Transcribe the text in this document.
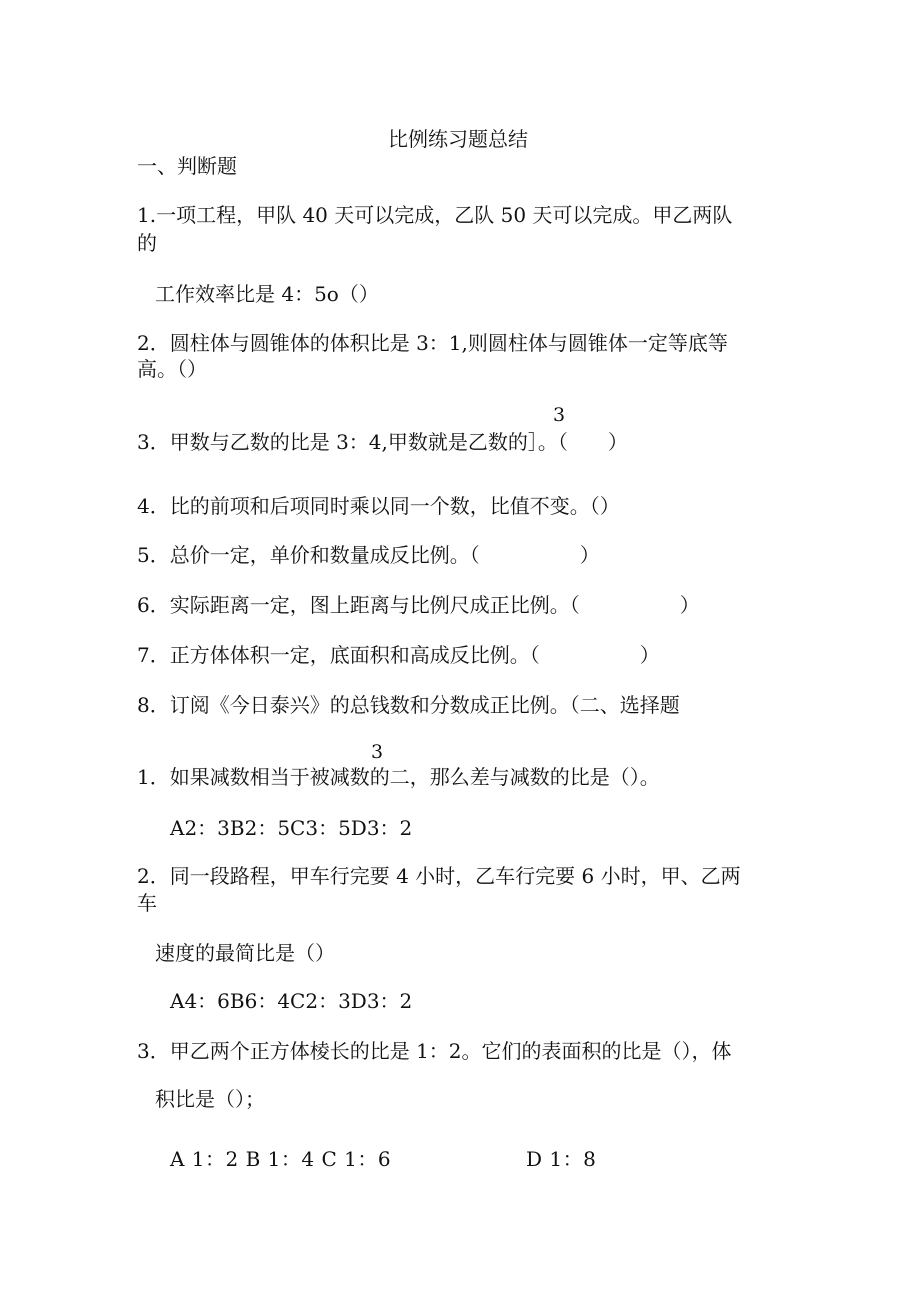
比例练习题总结
一、判断题
1.一项工程，甲队 40 天可以完成，乙队 50 天可以完成。甲乙两队
的
工作效率比是 4：5o（）
2．圆柱体与圆锥体的体积比是 3：1,则圆柱体与圆锥体一定等底等
高。（）
3
3．甲数与乙数的比是 3：4,甲数就是乙数的］。（　　）
4．比的前项和后项同时乘以同一个数，比值不变。（）
5．总价一定，单价和数量成反比例。（　　　　　）
6．实际距离一定，图上距离与比例尺成正比例。（　　　　　）
7．正方体体积一定，底面积和高成反比例。（　　　　　）
8．订阅《今日泰兴》的总钱数和分数成正比例。（二、选择题
3
1．如果减数相当于被减数的二，那么差与减数的比是（）。
A2：3B2：5C3：5D3：2
2．同一段路程，甲车行完要 4 小时，乙车行完要 6 小时，甲、乙两
车
速度的最简比是（）
A4：6B6：4C2：3D3：2
3．甲乙两个正方体棱长的比是 1：2。它们的表面积的比是（），体
积比是（）；
A 1：2 B 1：4 C 1：6	D 1：8
